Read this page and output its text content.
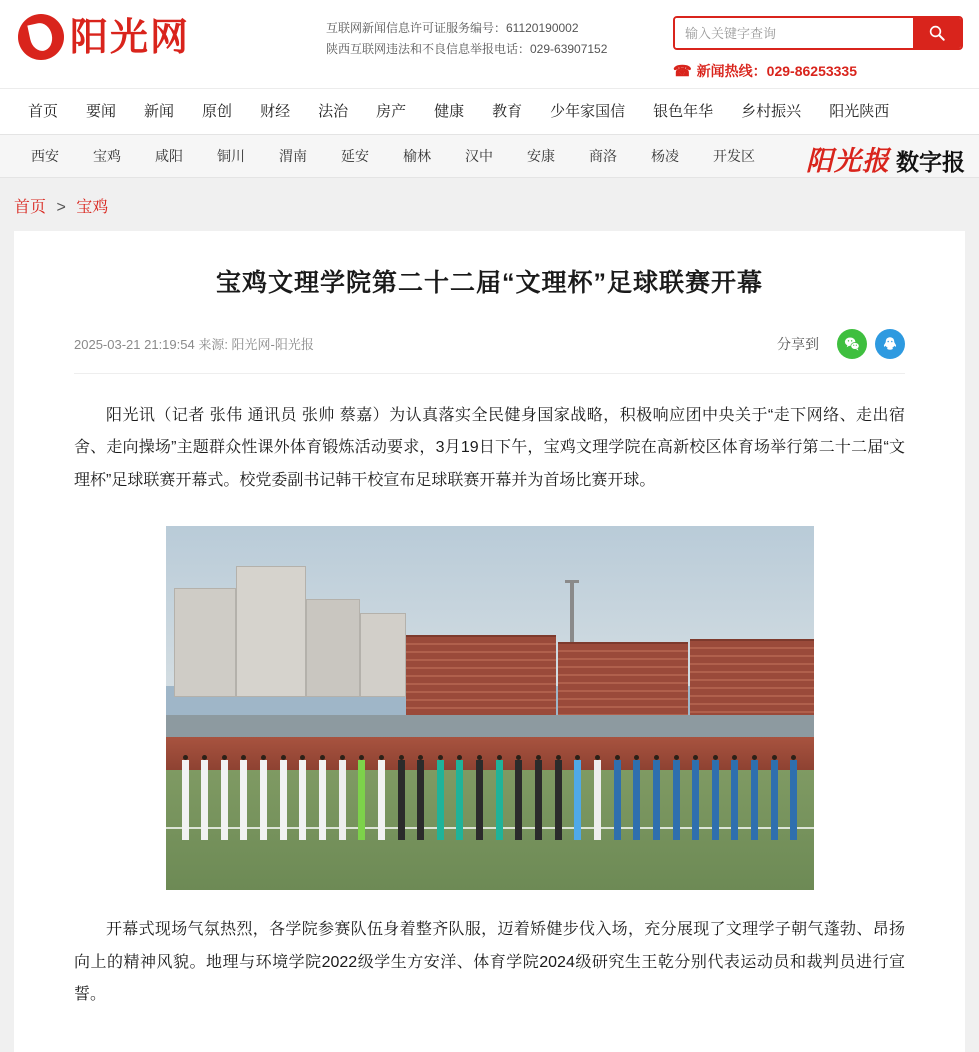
阳光网	互联网新闻信息许可证服务编号：61120190002
陕西互联网违法和不良信息举报电话：029-63907152
输入关键字查询
☎ 新闻热线：029-86253335
首页	要闻	新闻	原创	财经	法治	房产	健康	教育	少年家国信	银色年华	乡村振兴	阳光陕西
西安	宝鸡	咸阳	铜川	渭南	延安	榆林	汉中	安康	商洛	杨凌	开发区	阳光报 数字报
首页 > 宝鸡
宝鸡文理学院第二十二届“文理杯”足球联赛开幕
2025-03-21 21:19:54 来源: 阳光网-阳光报	分享到

阳光讯（记者 张伟 通讯员 张帅 蔡嘉）为认真落实全民健身国家战略，积极响应团中央关于“走下网络、走出宿舍、走向操场”主题群众性课外体育锻炼活动要求，3月19日下午，宝鸡文理学院在高新校区体育场举行第二十二届“文理杯”足球联赛开幕式。校党委副书记韩干校宣布足球联赛开幕并为首场比赛开球。

开幕式现场气氛热烈，各学院参赛队伍身着整齐队服，迈着矫健步伐入场，充分展现了文理学子朝气蓬勃、昂扬向上的精神风貌。地理与环境学院2022级学生方安洋、体育学院2024级研究生王乾分别代表运动员和裁判员进行宣誓。
